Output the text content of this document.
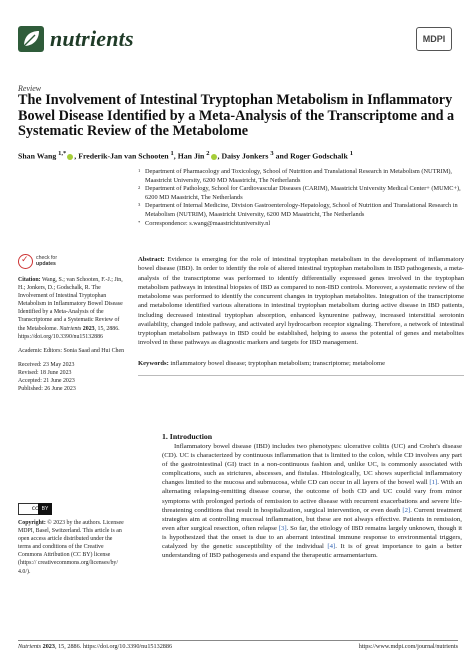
nutrients	MDPI
Review
The Involvement of Intestinal Tryptophan Metabolism in Inflammatory Bowel Disease Identified by a Meta-Analysis of the Transcriptome and a Systematic Review of the Metabolome
Shan Wang $^{1,*}$ , Frederik-Jan van Schooten $^1$, Han Jin $^2$ , Daisy Jonkers $^3$ and Roger Godschalk $^1$
1 Department of Pharmacology and Toxicology, School of Nutrition and Translational Research in Metabolism (NUTRIM), Maastricht University, 6200 MD Maastricht, The Netherlands
2 Department of Pathology, School for Cardiovascular Diseases (CARIM), Maastricht University Medical Center+ (MUMC+), 6200 MD Maastricht, The Netherlands
3 Department of Internal Medicine, Division Gastroenterology-Hepatology, School of Nutrition and Translational Research in Metabolism (NUTRIM), Maastricht University, 6200 MD Maastricht, The Netherlands
* Correspondence: s.wang@maastrichtuniversity.nl
Abstract: Evidence is emerging for the role of intestinal tryptophan metabolism in the development of inflammatory bowel disease (IBD). In order to identify the role of altered intestinal tryptophan metabolism in IBD pathogenesis, a meta-analysis of the transcriptome was performed to identify differentially expressed genes involved in the tryptophan metabolism pathways in intestinal biopsies of IBD as compared to non-IBD controls. Moreover, a systematic review of the metabolome was performed to identify the concurrent changes in tryptophan metabolites. Integration of the transcriptome and metabolome identified various alterations in intestinal tryptophan metabolism during active disease in IBD patients, including decreased intestinal tryptophan absorption, enhanced kynurenine pathway, increased interstitial serotonin availability, changed indole pathway, and activated aryl hydrocarbon receptor signaling. Therefore, a network of intestinal tryptophan metabolism pathways in IBD could be established, helping to assess the potential of genes and metabolites involved in these pathways as diagnostic markers and targets for IBD management.
Keywords: inflammatory bowel disease; tryptophan metabolism; transcriptome; metabolome
1. Introduction
Inflammatory bowel disease (IBD) includes two phenotypes: ulcerative colitis (UC) and Crohn's disease (CD). UC is characterized by continuous inflammation that is limited to the colon, while CD involves any part of the gastrointestinal (GI) tract in a non-continuous fashion and, unlike UC, is commonly associated with complications, such as strictures, abscesses, and fistulas. Histologically, UC shows superficial inflammatory changes limited to the mucosa and submucosa, while CD can occur in all layers of the bowel wall [1]. With an alternating relapsing-remitting disease course, the outcome of both CD and UC could vary from minor symptoms with prolonged periods of remission to active disease with recurrent exacerbations and severe life-threatening conditions that result in hospitalization, surgical intervention, or even death [2]. Current treatment strategies aim at controlling mucosal inflammation, but these are not always effective. Patients in remission, even after surgical resection, often relapse [3]. So far, the etiology of IBD remains largely unknown, though it is hypothesized that the onset is due to an aberrant intestinal immune response to environmental triggers, catalyzed by the genetic susceptibility of the individual [4]. It is of great importance to gain a better understanding of IBD pathogenesis and expand the therapeutic armamentarium.
✓ check for
updates

Citation: Wang, S.; van Schooten, F.-J.; Jin, H.; Jonkers, D.; Godschalk, R. The Involvement of Intestinal Tryptophan Metabolism in Inflammatory Bowel Disease Identified by a Meta-Analysis of the Transcriptome and a Systematic Review of the Metabolome. Nutrients 2023, 15, 2886. https://doi.org/10.3390/nu15132886

Academic Editors: Sonia Saad and Hui Chen

Received: 23 May 2023

Revised: 18 June 2023

Accepted: 21 June 2023

Published: 26 June 2023

cc BY
Copyright: © 2023 by the authors. Licensee MDPI, Basel, Switzerland. This article is an open access article distributed under the terms and conditions of the Creative Commons Attribution (CC BY) license (https:// creativecommons.org/licenses/by/ 4.0/).
Nutrients 2023, 15, 2886. https://doi.org/10.3390/nu15132886	https://www.mdpi.com/journal/nutrients
